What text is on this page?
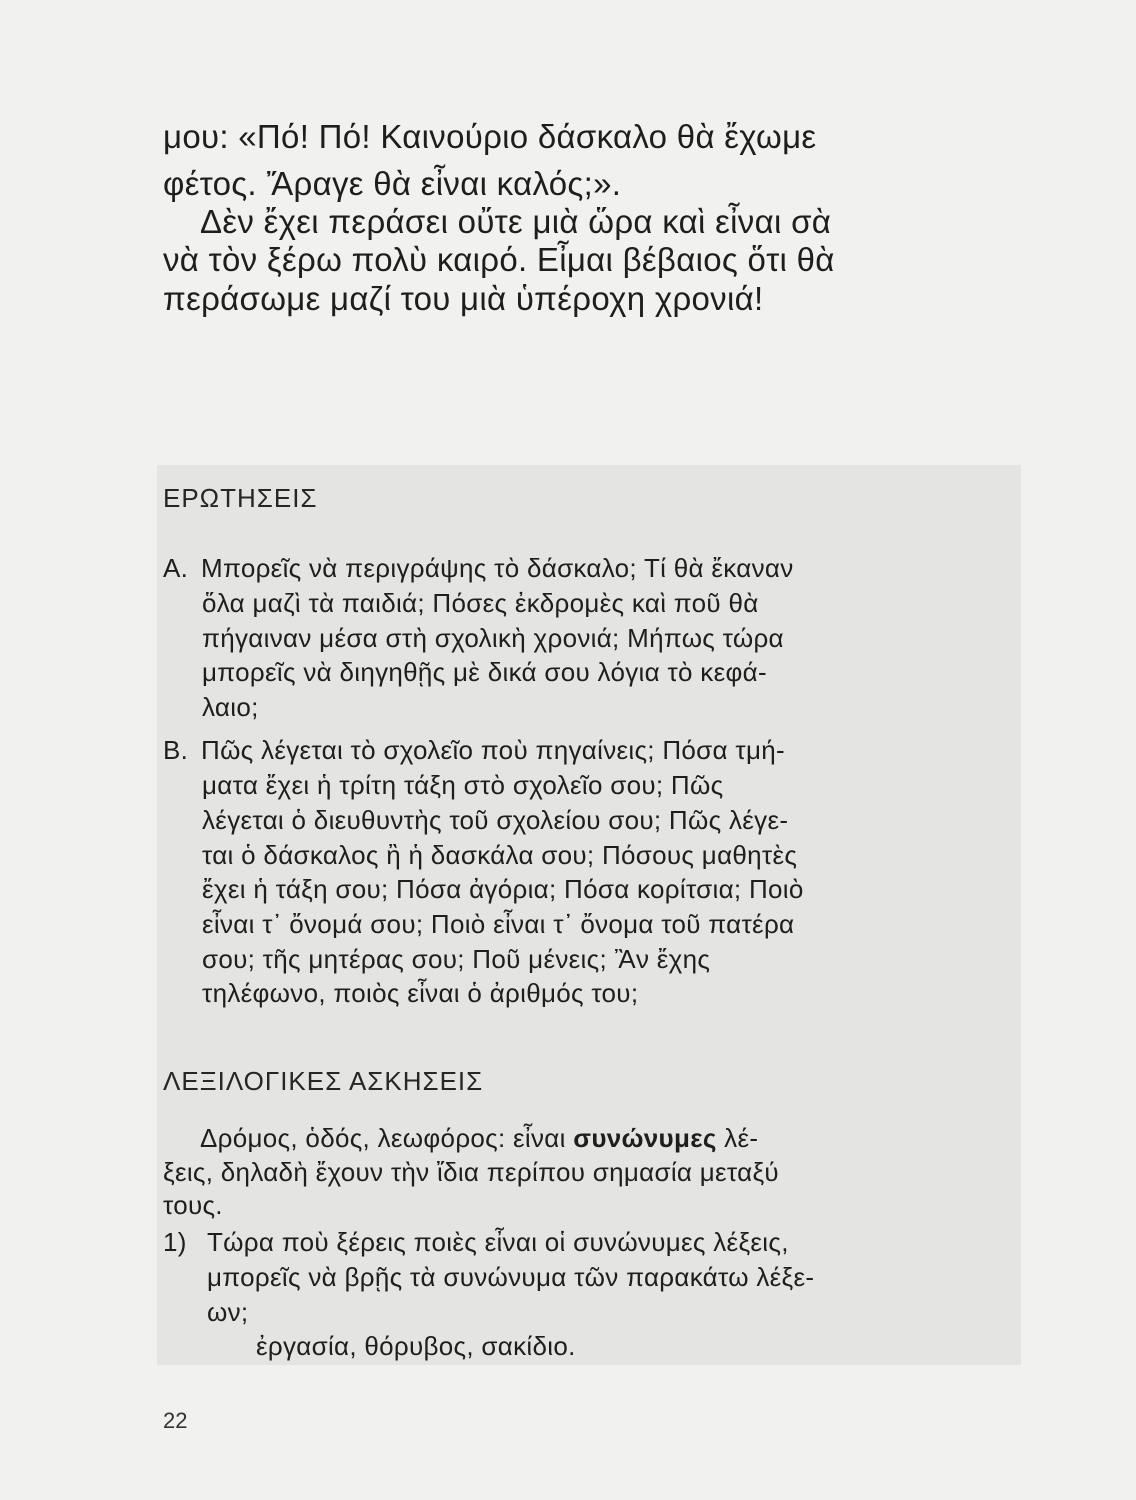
μου: «Πό! Πό! Καινούριο δάσκαλο θὰ ἔχωμε

φέτος. Ἄραγε θὰ εἶναι καλός;».

Δὲν ἔχει περάσει οὔτε μιὰ ὥρα καὶ εἶναι σὰ

νὰ τὸν ξέρω πολὺ καιρό. Εἶμαι βέβαιος ὅτι θὰ

περάσωμε μαζί του μιὰ ὑπέροχη χρονιά!

ΕΡΩΤΗΣΕΙΣ

Α. Μπορεῖς νὰ περιγράψης τὸ δάσκαλο; Τί θὰ ἔκαναν

ὅλα μαζὶ τὰ παιδιά; Πόσες ἐκδρομὲς καὶ ποῦ θὰ

πήγαιναν μέσα στὴ σχολικὴ χρονιά; Μήπως τώρα

μπορεῖς νὰ διηγηθῇς μὲ δικά σου λόγια τὸ κεφά-

λαιο;

Β. Πῶς λέγεται τὸ σχολεῖο ποὺ πηγαίνεις; Πόσα τμή-

ματα ἔχει ἡ τρίτη τάξη στὸ σχολεῖο σου; Πῶς

λέγεται ὁ διευθυντὴς τοῦ σχολείου σου; Πῶς λέγε-

ται ὁ δάσκαλος ἢ ἡ δασκάλα σου; Πόσους μαθητὲς

ἔχει ἡ τάξη σου; Πόσα ἀγόρια; Πόσα κορίτσια; Ποιὸ

εἶναι τ᾽ ὄνομά σου; Ποιὸ εἶναι τ᾽ ὄνομα τοῦ πατέρα

σου; τῆς μητέρας σου; Ποῦ μένεις; Ἂν ἔχης

τηλέφωνο, ποιὸς εἶναι ὁ ἀριθμός του;

ΛΕΞΙΛΟΓΙΚΕΣ ΑΣΚΗΣΕΙΣ

Δρόμος, ὁδός, λεωφόρος: εἶναι συνώνυμες λέ-

ξεις, δηλαδὴ ἔχουν τὴν ἴδια περίπου σημασία μεταξύ

τους.

1) Τώρα ποὺ ξέρεις ποιὲς εἶναι οἱ συνώνυμες λέξεις,

μπορεῖς νὰ βρῇς τὰ συνώνυμα τῶν παρακάτω λέξε-

ων;

ἐργασία, θόρυβος, σακίδιο.

22
